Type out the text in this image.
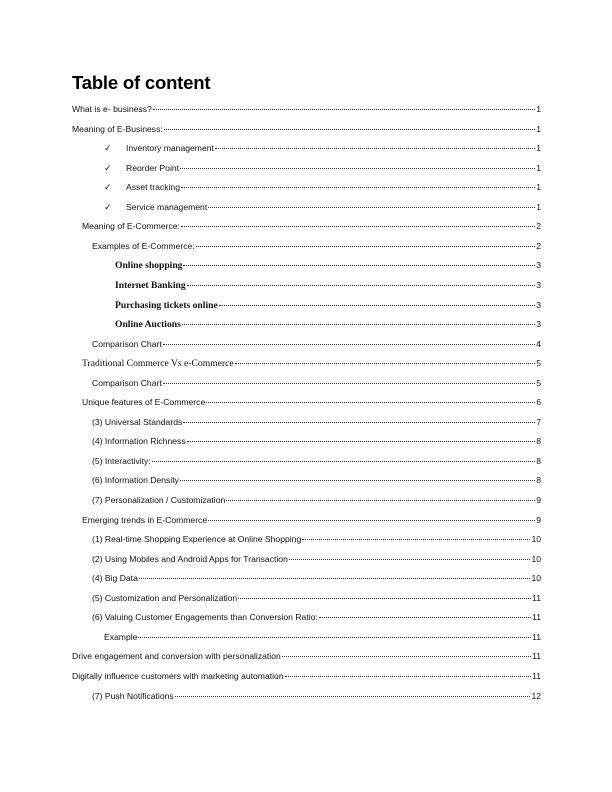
Table of content
What is e- business?	1
Meaning of E-Business:	1
✓	Inventory management	1
✓	Reorder Point	1
✓	Asset tracking	1
✓	Service management	1
Meaning of E-Commerce:	2
Examples of E-Commerce:	2
Online shopping	3
Internet Banking	3
Purchasing tickets online	3
Online Auctions	3
Comparison Chart	4
Traditional Commerce Vs e-Commerce	5
Comparison Chart	5
Unique features of E-Commerce	6
(3) Universal Standards	7
(4) Information Richness	8
(5) Interactivity:	8
(6) Information Density	8
(7) Personalization / Customization	9
Emerging trends in E-Commerce	9
(1) Real-time Shopping Experience at Online Shopping	10
(2) Using Mobiles and Android Apps for Transaction	10
(4) Big Data	10
(5) Customization and Personalization	11
(6) Valuing Customer Engagements than Conversion Ratio:	11
Example	11
Drive engagement and conversion with personalization	11
Digitally influence customers with marketing automation	11
(7) Push Notifications	12
